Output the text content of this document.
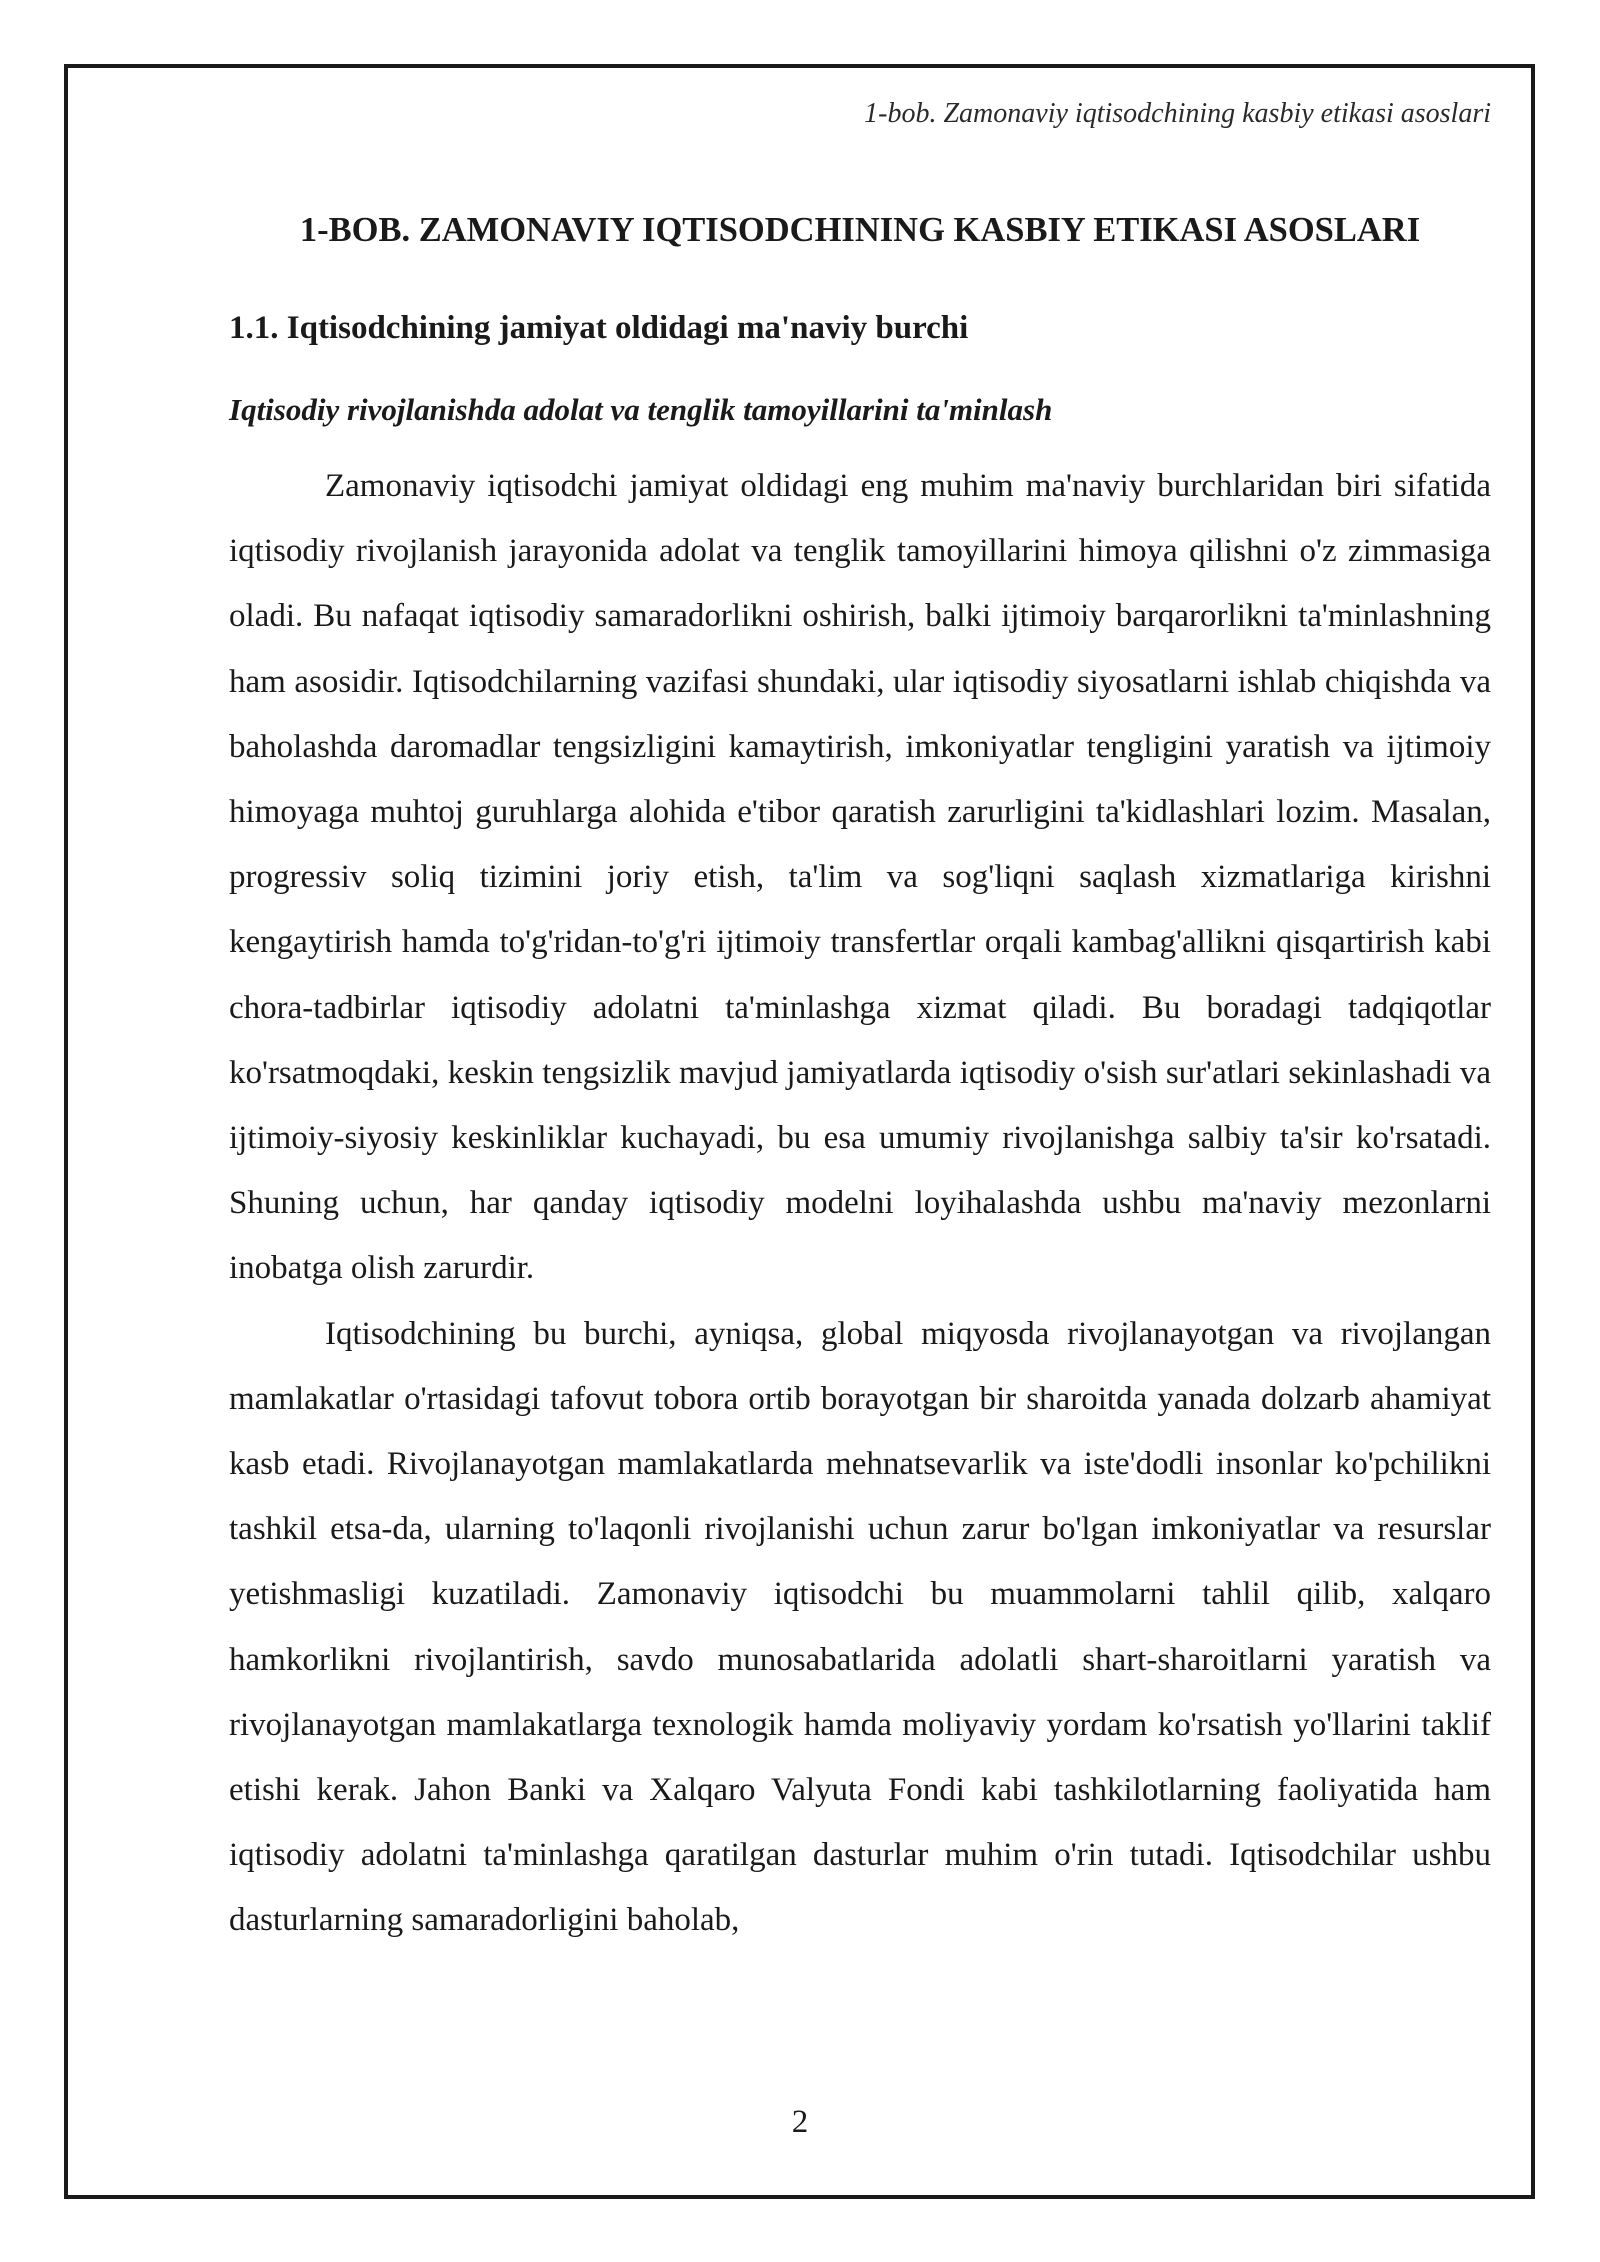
1-bob. Zamonaviy iqtisodchining kasbiy etikasi asoslari
1-BOB. ZAMONAVIY IQTISODCHINING KASBIY ETIKASI ASOSLARI
1.1. Iqtisodchining jamiyat oldidagi ma'naviy burchi
Iqtisodiy rivojlanishda adolat va tenglik tamoyillarini ta'minlash

Zamonaviy iqtisodchi jamiyat oldidagi eng muhim ma'naviy burchlaridan biri sifatida iqtisodiy rivojlanish jarayonida adolat va tenglik tamoyillarini himoya qilishni o'z zimmasiga oladi. Bu nafaqat iqtisodiy samaradorlikni oshirish, balki ijtimoiy barqarorlikni ta'minlashning ham asosidir. Iqtisodchilarning vazifasi shundaki, ular iqtisodiy siyosatlarni ishlab chiqishda va baholashda daromadlar tengsizligini kamaytirish, imkoniyatlar tengligini yaratish va ijtimoiy himoyaga muhtoj guruhlarga alohida e'tibor qaratish zarurligini ta'kidlashlari lozim. Masalan, progressiv soliq tizimini joriy etish, ta'lim va sog'liqni saqlash xizmatlariga kirishni kengaytirish hamda to'g'ridan-to'g'ri ijtimoiy transfertlar orqali kambag'allikni qisqartirish kabi chora-tadbirlar iqtisodiy adolatni ta'minlashga xizmat qiladi. Bu boradagi tadqiqotlar ko'rsatmoqdaki, keskin tengsizlik mavjud jamiyatlarda iqtisodiy o'sish sur'atlari sekinlashadi va ijtimoiy-siyosiy keskinliklar kuchayadi, bu esa umumiy rivojlanishga salbiy ta'sir ko'rsatadi. Shuning uchun, har qanday iqtisodiy modelni loyihalashda ushbu ma'naviy mezonlarni inobatga olish zarurdir.

Iqtisodchining bu burchi, ayniqsa, global miqyosda rivojlanayotgan va rivojlangan mamlakatlar o'rtasidagi tafovut tobora ortib borayotgan bir sharoitda yanada dolzarb ahamiyat kasb etadi. Rivojlanayotgan mamlakatlarda mehnatsevarlik va iste'dodli insonlar ko'pchilikni tashkil etsa-da, ularning to'laqonli rivojlanishi uchun zarur bo'lgan imkoniyatlar va resurslar yetishmasligi kuzatiladi. Zamonaviy iqtisodchi bu muammolarni tahlil qilib, xalqaro hamkorlikni rivojlantirish, savdo munosabatlarida adolatli shart-sharoitlarni yaratish va rivojlanayotgan mamlakatlarga texnologik hamda moliyaviy yordam ko'rsatish yo'llarini taklif etishi kerak. Jahon Banki va Xalqaro Valyuta Fondi kabi tashkilotlarning faoliyatida ham iqtisodiy adolatni ta'minlashga qaratilgan dasturlar muhim o'rin tutadi. Iqtisodchilar ushbu dasturlarning samaradorligini baholab,

2
